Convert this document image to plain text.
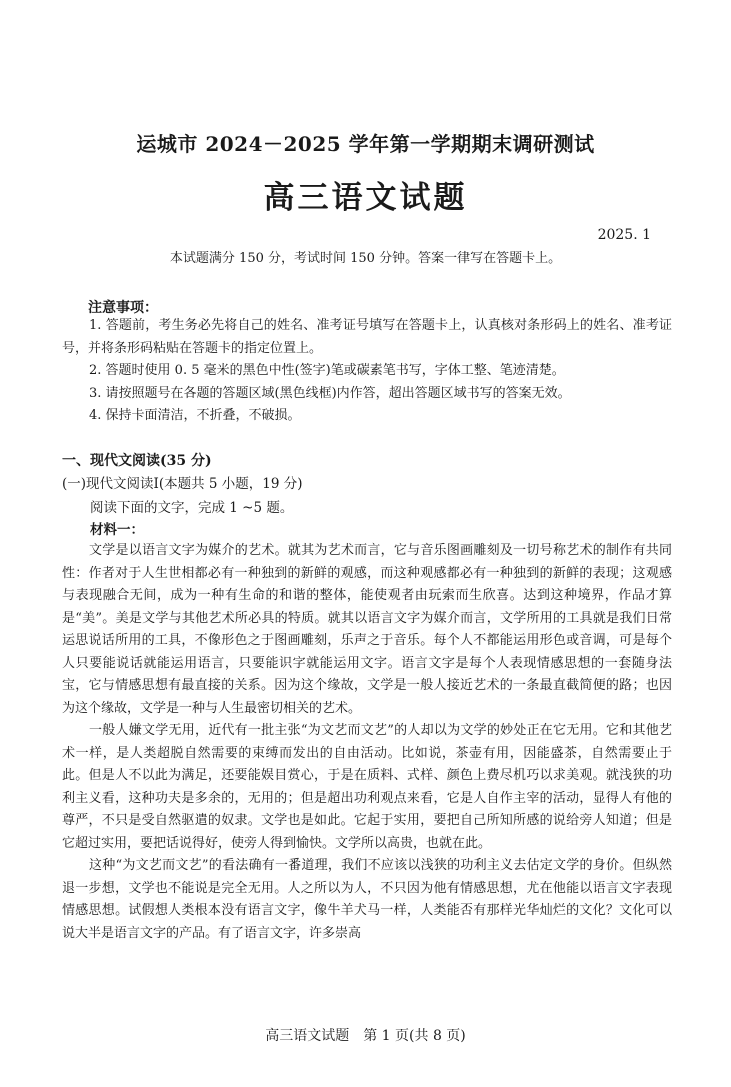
运城市 2024－2025 学年第一学期期末调研测试
高三语文试题
2025. 1
本试题满分 150 分，考试时间 150 分钟。答案一律写在答题卡上。
注意事项：

1. 答题前，考生务必先将自己的姓名、准考证号填写在答题卡上，认真核对条形码上的姓名、准考证号，并将条形码粘贴在答题卡的指定位置上。

2. 答题时使用 0. 5 毫米的黑色中性(签字)笔或碳素笔书写，字体工整、笔迹清楚。

3. 请按照题号在各题的答题区域(黑色线框)内作答，超出答题区域书写的答案无效。

4. 保持卡面清洁，不折叠，不破损。

一、现代文阅读(35 分)
(一)现代文阅读Ⅰ(本题共 5 小题，19 分)
阅读下面的文字，完成 1 ~5 题。
材料一：

文学是以语言文字为媒介的艺术。就其为艺术而言，它与音乐图画雕刻及一切号称艺术的制作有共同性：作者对于人生世相都必有一种独到的新鲜的观感，而这种观感都必有一种独到的新鲜的表现；这观感与表现融合无间，成为一种有生命的和谐的整体，能使观者由玩索而生欣喜。达到这种境界，作品才算是“美”。美是文学与其他艺术所必具的特质。就其以语言文字为媒介而言，文学所用的工具就是我们日常运思说话所用的工具，不像形色之于图画雕刻，乐声之于音乐。每个人不都能运用形色或音调，可是每个人只要能说话就能运用语言，只要能识字就能运用文字。语言文字是每个人表现情感思想的一套随身法宝，它与情感思想有最直接的关系。因为这个缘故，文学是一般人接近艺术的一条最直截简便的路；也因为这个缘故，文学是一种与人生最密切相关的艺术。

一般人嫌文学无用，近代有一批主张“为文艺而文艺”的人却以为文学的妙处正在它无用。它和其他艺术一样，是人类超脱自然需要的束缚而发出的自由活动。比如说，茶壶有用，因能盛茶，自然需要止于此。但是人不以此为满足，还要能娱目赏心，于是在质料、式样、颜色上费尽机巧以求美观。就浅狭的功利主义看，这种功夫是多余的，无用的；但是超出功利观点来看，它是人自作主宰的活动，显得人有他的尊严，不只是受自然驱遣的奴隶。文学也是如此。它起于实用，要把自己所知所感的说给旁人知道；但是它超过实用，要把话说得好，使旁人得到愉快。文学所以高贵，也就在此。

这种“为文艺而文艺”的看法确有一番道理，我们不应该以浅狭的功利主义去估定文学的身价。但纵然退一步想，文学也不能说是完全无用。人之所以为人，不只因为他有情感思想，尤在他能以语言文字表现情感思想。试假想人类根本没有语言文字，像牛羊犬马一样，人类能否有那样光华灿烂的文化？文化可以说大半是语言文字的产品。有了语言文字，许多崇高

高三语文试题　第 1 页(共 8 页)
